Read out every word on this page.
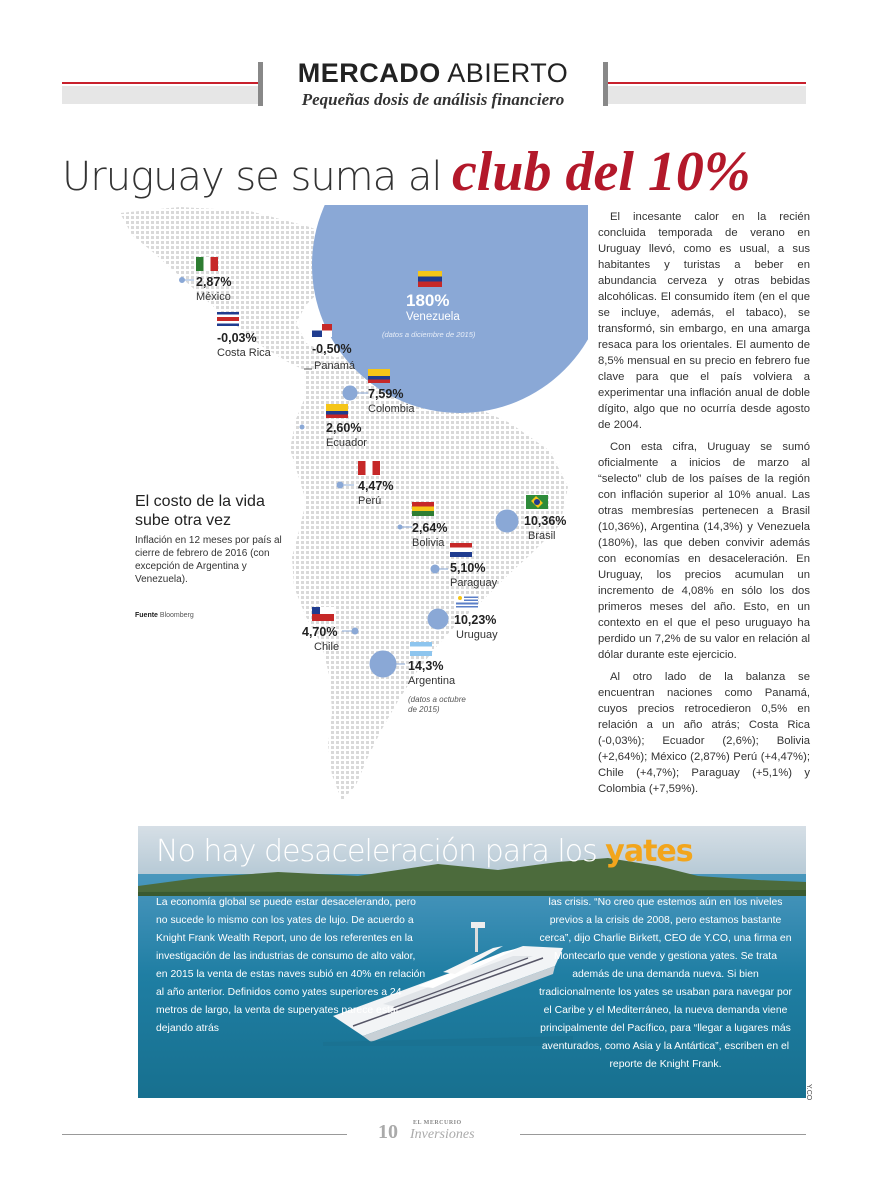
MERCADO ABIERTO
Pequeñas dosis de análisis financiero
Uruguay se suma al club del 10%
180%
Venezuela
(datos a diciembre de 2015)
2,87%
México
-0,03%
Costa Rica	-0,50%
Panamá
7,59%
Colombia
2,60%
Ecuador
4,47%
Perú
2,64%
Bolivia
10,36%
Brasil
5,10%
Paraguay
10,23%
Uruguay
4,70%
Chile
14,3%
Argentina
(datos a octubre de 2015)
El costo de la vida
sube otra vez
Inflación en 12 meses por país al cierre de febrero de 2016 (con excepción de Argentina y Venezuela).
Fuente Bloomberg

El incesante calor en la recién concluida temporada de verano en Uruguay llevó, como es usual, a sus habitantes y turistas a beber en abundancia cerveza y otras bebidas alcohólicas. El consumido ítem (en el que se incluye, además, el tabaco), se transformó, sin embargo, en una amarga resaca para los orientales. El aumento de 8,5% mensual en su precio en febrero fue clave para que el país volviera a experimentar una inflación anual de doble dígito, algo que no ocurría desde agosto de 2004.

Con esta cifra, Uruguay se sumó oficialmente a inicios de marzo al “selecto” club de los países de la región con inflación superior al 10% anual. Las otras membresías pertenecen a Brasil (10,36%), Argentina (14,3%) y Venezuela (180%), las que deben convivir además con economías en desaceleración. En Uruguay, los precios acumulan un incremento de 4,08% en sólo los dos primeros meses del año. Esto, en un contexto en el que el peso uruguayo ha perdido un 7,2% de su valor en relación al dólar durante este ejercicio.

Al otro lado de la balanza se encuentran naciones como Panamá, cuyos precios retrocedieron 0,5% en relación a un año atrás; Costa Rica (-0,03%); Ecuador (2,6%); Bolivia (+2,64%); México (2,87%) Perú (+4,47%); Chile (+4,7%); Paraguay (+5,1%) y Colombia (+7,59%).

No hay desaceleración para los yates
La economía global se puede estar desacelerando, pero no sucede lo mismo con los yates de lujo. De acuerdo a Knight Frank Wealth Report, uno de los referentes en la investigación de las industrias de consumo de alto valor, en 2015 la venta de estas naves subió en 40% en relación al año anterior. Definidos como yates superiores a 24 metros de largo, la venta de superyates parece estar dejando atrás
las crisis. “No creo que estemos aún en los niveles previos a la crisis de 2008, pero estamos bastante cerca”, dijo Charlie Birkett, CEO de Y.CO, una firma en Montecarlo que vende y gestiona yates. Se trata además de una demanda nueva. Si bien tradicionalmente los yates se usaban para navegar por el Caribe y el Mediterráneo, la nueva demanda viene principalmente del Pacífico, para “llegar a lugares más aventurados, como Asia y la Antártica”, escriben en el reporte de Knight Frank.
Y.CO
10	EL MERCURIO
Inversiones
